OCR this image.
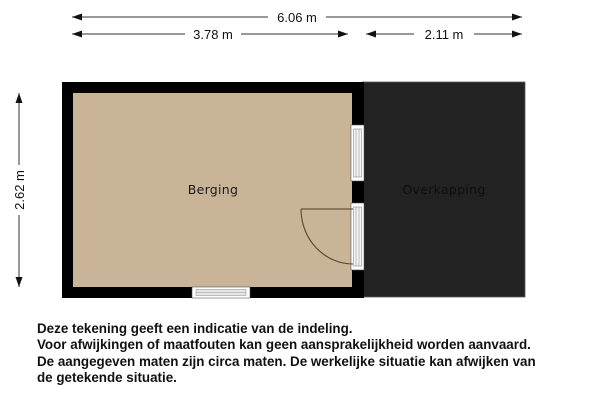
6.06 m
3.78 m	2.11 m
2.62 m	Berging	Overkapping
Deze tekening geeft een indicatie van de indeling.
Voor afwijkingen of maatfouten kan geen aansprakelijkheid worden aanvaard.
De aangegeven maten zijn circa maten. De werkelijke situatie kan afwijken van
de getekende situatie.
